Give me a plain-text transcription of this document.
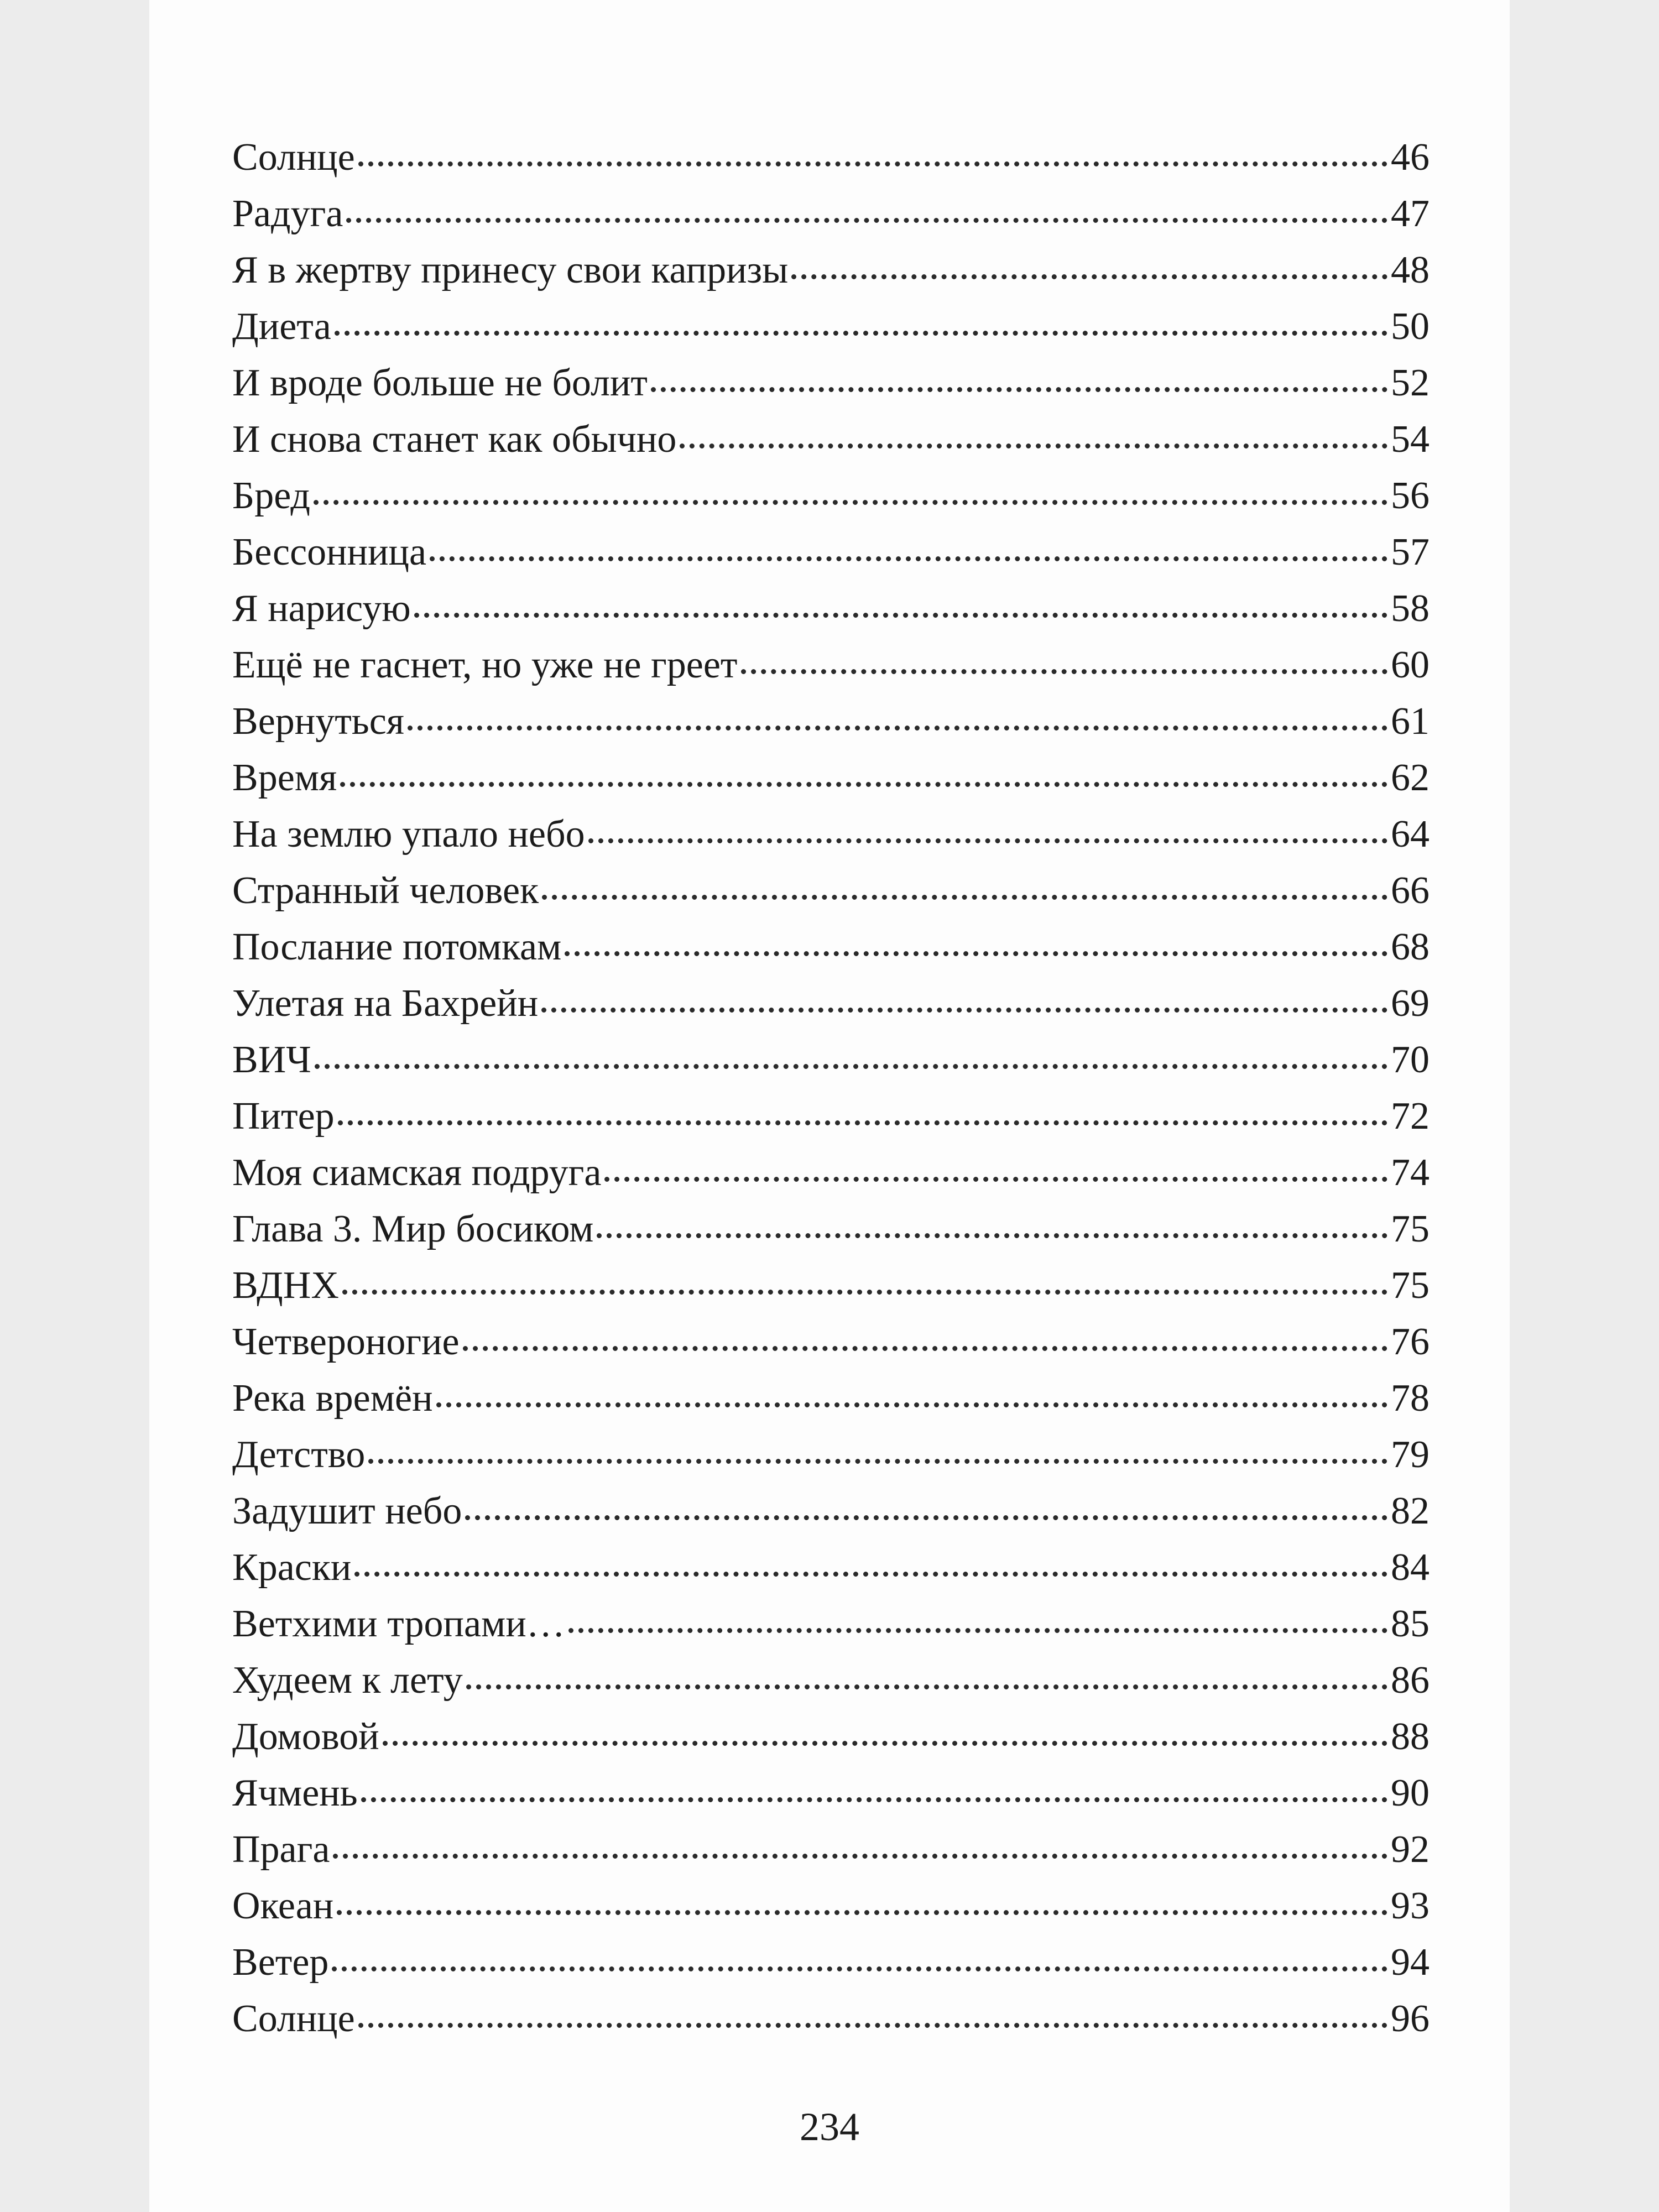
Солнце	46
Радуга	47
Я в жертву принесу свои капризы	48
Диета	50
И вроде больше не болит	52
И снова станет как обычно	54
Бред	56
Бессонница	57
Я нарисую	58
Ещё не гаснет, но уже не греет	60
Вернуться	61
Время	62
На землю упало небо	64
Странный человек	66
Послание потомкам	68
Улетая на Бахрейн	69
ВИЧ	70
Питер	72
Моя сиамская подруга	74
Глава 3. Мир босиком	75
ВДНХ	75
Четвероногие	76
Река времён	78
Детство	79
Задушит небо	82
Краски	84
Ветхими тропами…	85
Худеем к лету	86
Домовой	88
Ячмень	90
Прага	92
Океан	93
Ветер	94
Солнце	96
234
